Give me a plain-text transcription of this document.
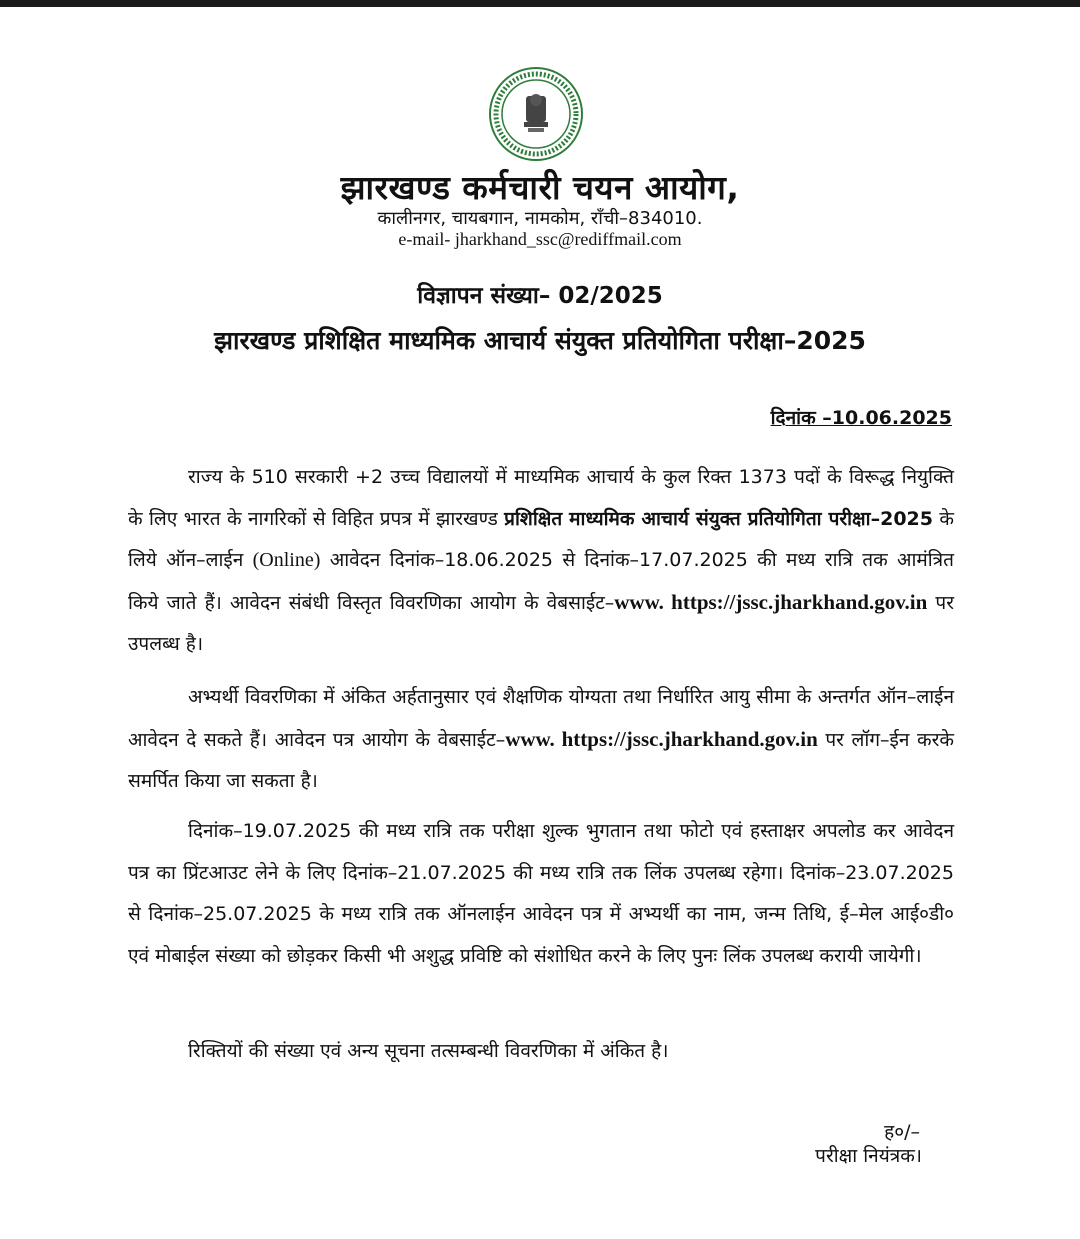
झारखण्ड कर्मचारी चयन आयोग,
कालीनगर, चायबगान, नामकोम, राँची–834010.
e-mail- jharkhand_ssc@rediffmail.com
विज्ञापन संख्या– 02/2025
झारखण्ड प्रशिक्षित माध्यमिक आचार्य संयुक्त प्रतियोगिता परीक्षा–2025
दिनांक –10.06.2025

राज्य के 510 सरकारी +2 उच्च विद्यालयों में माध्यमिक आचार्य के कुल रिक्त 1373 पदों के विरूद्ध नियुक्ति के लिए भारत के नागरिकों से विहित प्रपत्र में झारखण्ड प्रशिक्षित माध्यमिक आचार्य संयुक्त प्रतियोगिता परीक्षा–2025 के लिये ऑन–लाईन (Online) आवेदन दिनांक–18.06.2025 से दिनांक–17.07.2025 की मध्य रात्रि तक आमंत्रित किये जाते हैं। आवेदन संबंधी विस्तृत विवरणिका आयोग के वेबसाईट–www. https://jssc.jharkhand.gov.in पर उपलब्ध है।

अभ्यर्थी विवरणिका में अंकित अर्हतानुसार एवं शैक्षणिक योग्यता तथा निर्धारित आयु सीमा के अन्तर्गत ऑन–लाईन आवेदन दे सकते हैं। आवेदन पत्र आयोग के वेबसाईट–www. https://jssc.jharkhand.gov.in पर लॉग–ईन करके समर्पित किया जा सकता है।

दिनांक–19.07.2025 की मध्य रात्रि तक परीक्षा शुल्क भुगतान तथा फोटो एवं हस्ताक्षर अपलोड कर आवेदन पत्र का प्रिंटआउट लेने के लिए दिनांक–21.07.2025 की मध्य रात्रि तक लिंक उपलब्ध रहेगा। दिनांक–23.07.2025 से दिनांक–25.07.2025 के मध्य रात्रि तक ऑनलाईन आवेदन पत्र में अभ्यर्थी का नाम, जन्म तिथि, ई–मेल आई०डी० एवं मोबाईल संख्या को छोड़कर किसी भी अशुद्ध प्रविष्टि को संशोधित करने के लिए पुनः लिंक उपलब्ध करायी जायेगी।

रिक्तियों की संख्या एवं अन्य सूचना तत्सम्बन्धी विवरणिका में अंकित है।

ह०/–
परीक्षा नियंत्रक।
